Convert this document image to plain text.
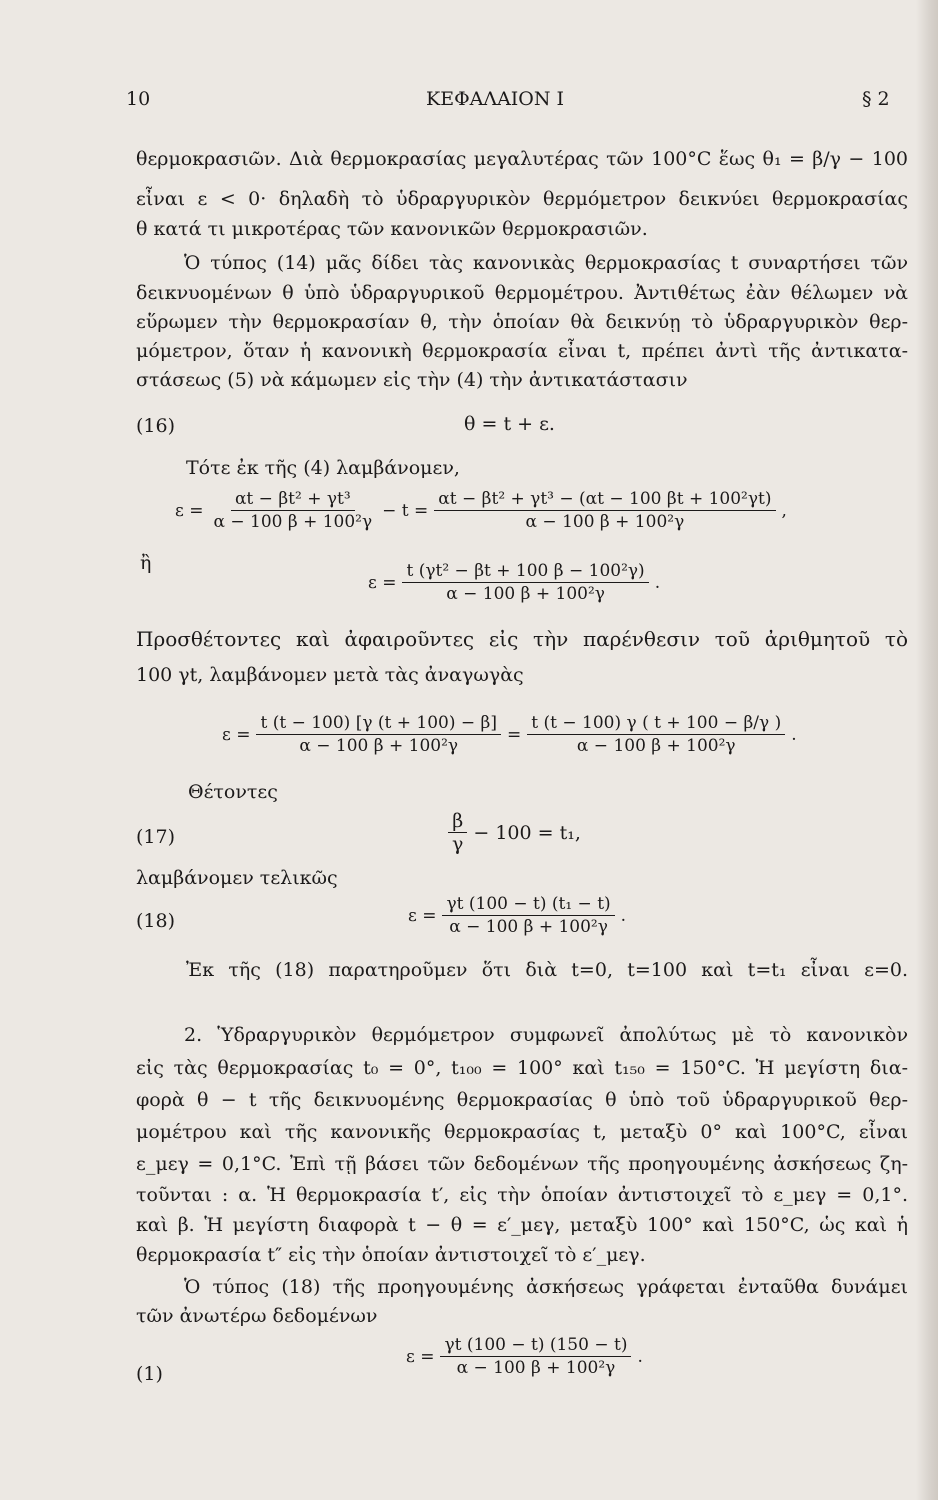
10	ΚΕΦΑΛΑΙΟΝ Ι	§ 2
θερμοκρασιῶν. Διὰ θερμοκρασίας μεγαλυτέρας τῶν 100°C ἕως θ₁ = β/γ − 100
εἶναι ε < 0· δηλαδὴ τὸ ὑδραργυρικὸν θερμόμετρον δεικνύει θερμοκρασίας
θ κατά τι μικροτέρας τῶν κανονικῶν θερμοκρασιῶν.
Ὁ τύπος (14) μᾶς δίδει τὰς κανονικὰς θερμοκρασίας t συναρτήσει τῶν
δεικνυομένων θ ὑπὸ ὑδραργυρικοῦ θερμομέτρου. Ἀντιθέτως ἐὰν θέλωμεν νὰ
εὕρωμεν τὴν θερμοκρασίαν θ, τὴν ὁποίαν θὰ δεικνύῃ τὸ ὑδραργυρικὸν θερ-
μόμετρον, ὅταν ἡ κανονικὴ θερμοκρασία εἶναι t, πρέπει ἀντὶ τῆς ἀντικατα-
στάσεως (5) νὰ κάμωμεν εἰς τὴν (4) τὴν ἀντικατάστασιν
(16)	θ = t + ε.
Τότε ἐκ τῆς (4) λαμβάνομεν,
$\varepsilon = \frac{\text{αt − βt² + γt³}}{\text{α − 100 β + 100²γ}} - t = \frac{\text{αt − βt² + γt³ − (αt − 100 βt + 100²γt)}}{\text{α − 100 β + 100²γ}}$ ,
ἢ
$\varepsilon = \frac{\text{t (γt² − βt + 100 β − 100²γ)}}{\text{α − 100 β + 100²γ}}$ .
Προσθέτοντες καὶ ἀφαιροῦντες εἰς τὴν παρένθεσιν τοῦ ἀριθμητοῦ τὸ
100 γt, λαμβάνομεν μετὰ τὰς ἀναγωγὰς
$\varepsilon = \frac{t (t - 100) [\gamma (t + 100) - \beta]}{\text{α − 100 β + 100²γ}} = \frac{t (t - 100) \gamma ( t + 100 - \beta/\gamma )}{\text{α − 100 β + 100²γ}}$ .
Θέτοντες
(17)	$\frac{\beta}{\gamma} - 100 = t_1$,
λαμβάνομεν τελικῶς
(18)	$\varepsilon = \frac{\text{γt (100 − t) (t₁ − t)}}{\text{α − 100 β + 100²γ}}$ .
Ἐκ τῆς (18) παρατηροῦμεν ὅτι διὰ t=0, t=100 καὶ t=t₁ εἶναι ε=0.
2. Ὑδραργυρικὸν θερμόμετρον συμφωνεῖ ἀπολύτως μὲ τὸ κανονικὸν
εἰς τὰς θερμοκρασίας t₀ = 0°, t₁₀₀ = 100° καὶ t₁₅₀ = 150°C. Ἡ μεγίστη δια-
φορὰ θ − t τῆς δεικνυομένης θερμοκρασίας θ ὑπὸ τοῦ ὑδραργυρικοῦ θερ-
μομέτρου καὶ τῆς κανονικῆς θερμοκρασίας t, μεταξὺ 0° καὶ 100°C, εἶναι
ε_μεγ = 0,1°C. Ἐπὶ τῇ βάσει τῶν δεδομένων τῆς προηγουμένης ἀσκήσεως ζη-
τοῦνται : α. Ἡ θερμοκρασία t′, εἰς τὴν ὁποίαν ἀντιστοιχεῖ τὸ ε_μεγ = 0,1°.
καὶ β. Ἡ μεγίστη διαφορὰ t − θ = ε′_μεγ, μεταξὺ 100° καὶ 150°C, ὡς καὶ ἡ
θερμοκρασία t″ εἰς τὴν ὁποίαν ἀντιστοιχεῖ τὸ ε′_μεγ.
Ὁ τύπος (18) τῆς προηγουμένης ἀσκήσεως γράφεται ἐνταῦθα δυνάμει
τῶν ἀνωτέρω δεδομένων
(1)
$\varepsilon = \frac{\gamma t (100 - t) (150 - t)}{\text{α − 100 β + 100²γ}}$ .
